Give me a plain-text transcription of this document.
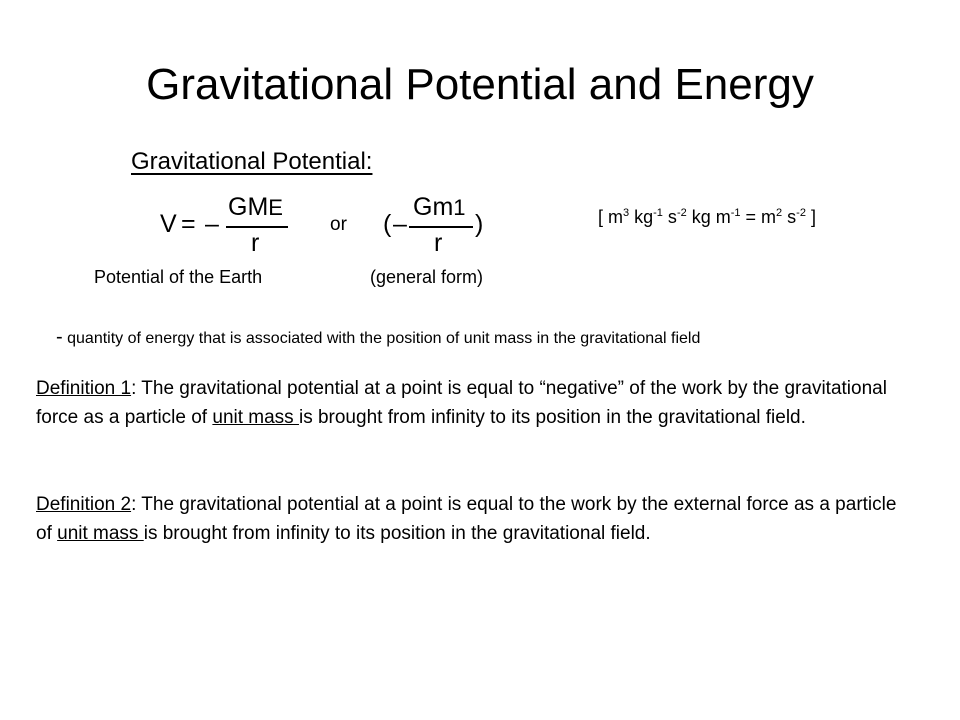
Gravitational Potential and Energy
Gravitational Potential:
V = –
GME
r
or ( –
Gm1
r
)	[ $m^3$ $kg^{-1}$ $s^{-2}$ kg $m^{-1} = m^2$ $s^{-2}$ ]
Potential of the Earth	(general form)
- quantity of energy that is associated with the position of unit mass in the gravitational field
Definition 1: The gravitational potential at a point is equal to “negative” of the work by the gravitational force as a particle of unit mass is brought from infinity to its position in the gravitational field.
Definition 2: The gravitational potential at a point is equal to the work by the external force as a particle of unit mass is brought from infinity to its position in the gravitational field.
